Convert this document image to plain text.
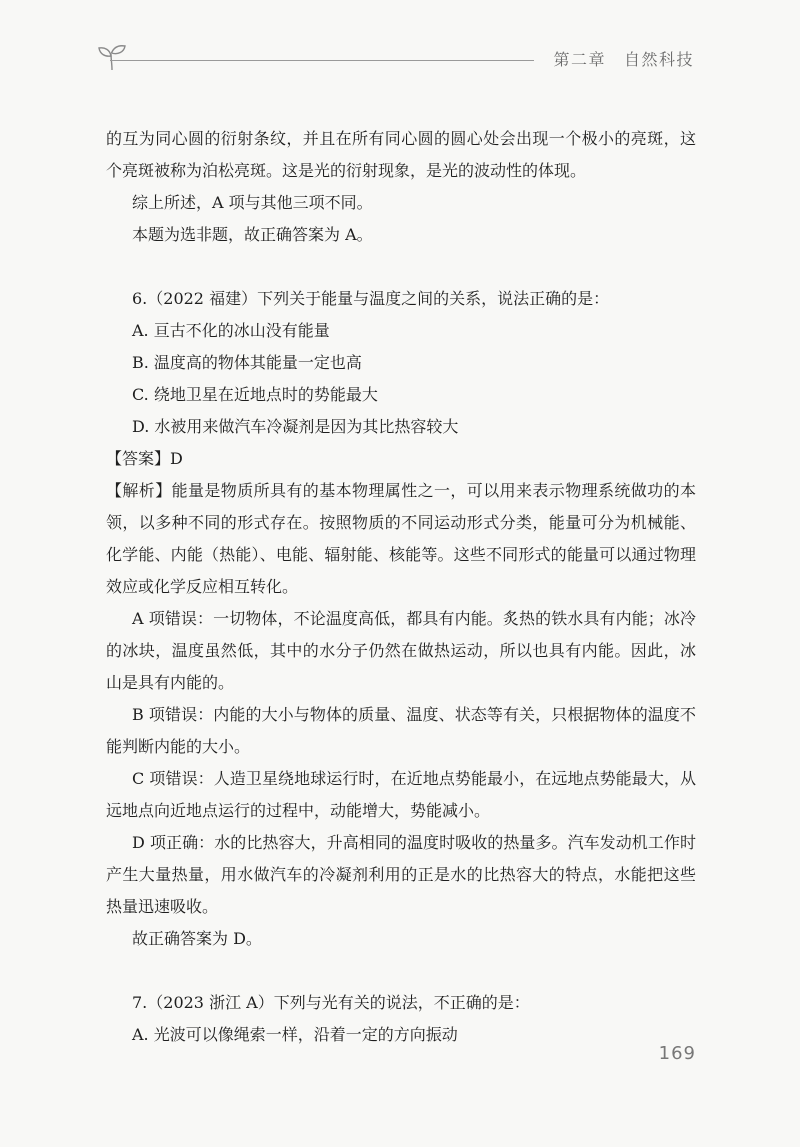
第二章 自然科技

的互为同心圆的衍射条纹，并且在所有同心圆的圆心处会出现一个极小的亮斑，这个亮斑被称为泊松亮斑。这是光的衍射现象，是光的波动性的体现。

综上所述，A 项与其他三项不同。

本题为选非题，故正确答案为 A。

6.（2022 福建）下列关于能量与温度之间的关系，说法正确的是：

A. 亘古不化的冰山没有能量

B. 温度高的物体其能量一定也高

C. 绕地卫星在近地点时的势能最大

D. 水被用来做汽车冷凝剂是因为其比热容较大

【答案】D

【解析】能量是物质所具有的基本物理属性之一，可以用来表示物理系统做功的本领，以多种不同的形式存在。按照物质的不同运动形式分类，能量可分为机械能、化学能、内能（热能）、电能、辐射能、核能等。这些不同形式的能量可以通过物理效应或化学反应相互转化。

A 项错误：一切物体，不论温度高低，都具有内能。炙热的铁水具有内能；冰冷的冰块，温度虽然低，其中的水分子仍然在做热运动，所以也具有内能。因此，冰山是具有内能的。

B 项错误：内能的大小与物体的质量、温度、状态等有关，只根据物体的温度不能判断内能的大小。

C 项错误：人造卫星绕地球运行时，在近地点势能最小，在远地点势能最大，从远地点向近地点运行的过程中，动能增大，势能减小。

D 项正确：水的比热容大，升高相同的温度时吸收的热量多。汽车发动机工作时产生大量热量，用水做汽车的冷凝剂利用的正是水的比热容大的特点，水能把这些热量迅速吸收。

故正确答案为 D。

7.（2023 浙江 A）下列与光有关的说法，不正确的是：

A. 光波可以像绳索一样，沿着一定的方向振动

169
